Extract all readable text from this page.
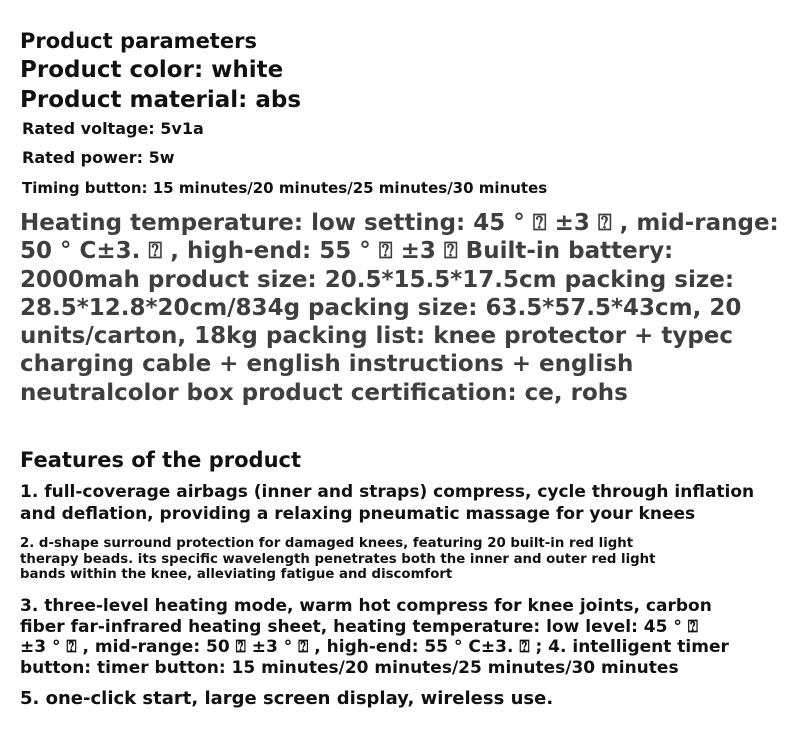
Product parameters
Product color: white
Product material: abs
Rated voltage: 5v1a
Rated power: 5w
Timing button: 15 minutes/20 minutes/25 minutes/30 minutes
Heating temperature: low setting: 45 ° ⍰ ±3 ⍰ , mid-range:
50 ° C±3. ⍰ , high-end: 55 ° ⍰ ±3 ⍰ Built-in battery:
2000mah product size: 20.5*15.5*17.5cm packing size:
28.5*12.8*20cm/834g packing size: 63.5*57.5*43cm, 20
units/carton, 18kg packing list: knee protector + typec
charging cable + english instructions + english
neutralcolor box product certification: ce, rohs
Features of the product
1. full-coverage airbags (inner and straps) compress, cycle through inflation
and deflation, providing a relaxing pneumatic massage for your knees
2. d-shape surround protection for damaged knees, featuring 20 built-in red light
therapy beads. its specific wavelength penetrates both the inner and outer red light
bands within the knee, alleviating fatigue and discomfort
3. three-level heating mode, warm hot compress for knee joints, carbon
fiber far-infrared heating sheet, heating temperature: low level: 45 ° ⍰
±3 ° ⍰ , mid-range: 50 ⍰ ±3 ° ⍰ , high-end: 55 ° C±3. ⍰ ; 4. intelligent timer
button: timer button: 15 minutes/20 minutes/25 minutes/30 minutes
5. one-click start, large screen display, wireless use.
